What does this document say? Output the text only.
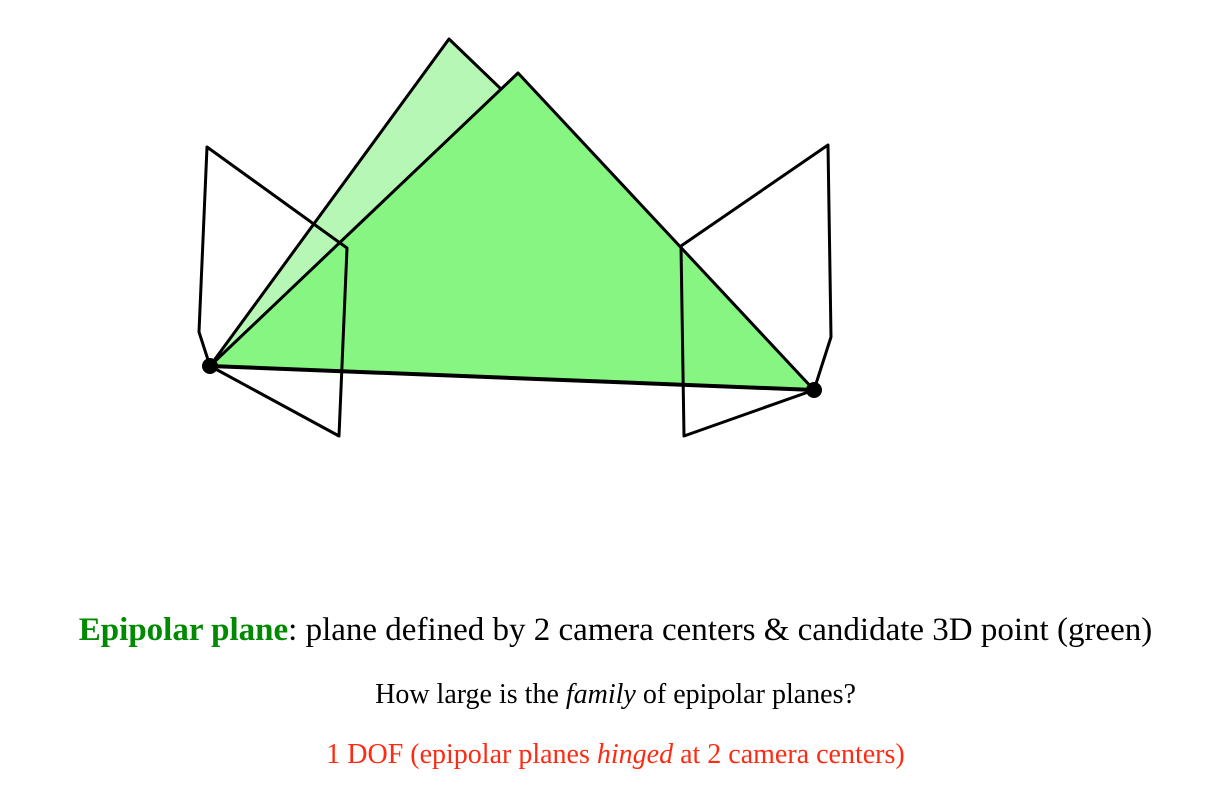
Epipolar plane: plane defined by 2 camera centers & candidate 3D point (green)
How large is the family of epipolar planes?
1 DOF (epipolar planes hinged at 2 camera centers)
